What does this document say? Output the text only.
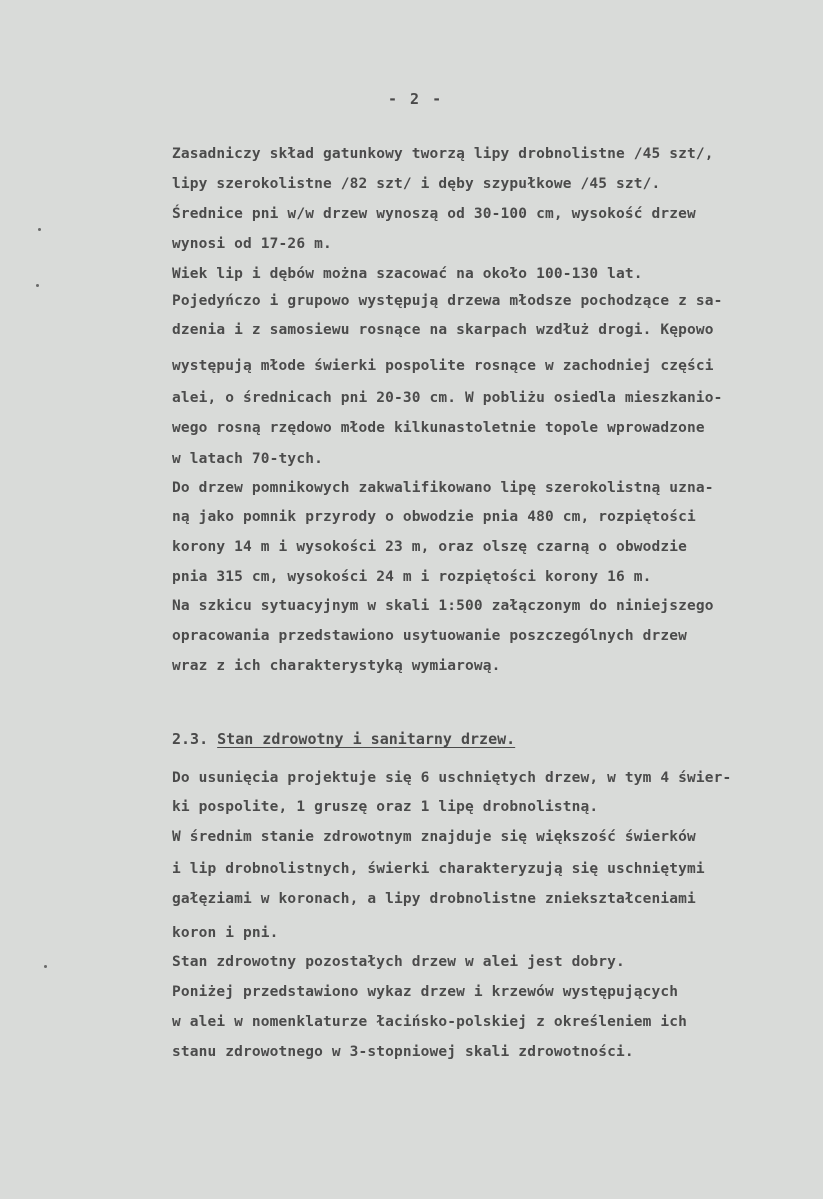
- 2 -
Zasadniczy skład gatunkowy tworzą lipy drobnolistne /45 szt/,
lipy szerokolistne /82 szt/ i dęby szypułkowe /45 szt/.
Średnice pni w/w drzew wynoszą od 30-100 cm, wysokość drzew
wynosi od 17-26 m.
Wiek lip i dębów można szacować na około 100-130 lat.
Pojedyńczo i grupowo występują drzewa młodsze pochodzące z sa-
dzenia i z samosiewu rosnące na skarpach wzdłuż drogi. Kępowo
występują młode świerki pospolite rosnące w zachodniej części
alei, o średnicach pni 20-30 cm. W pobliżu osiedla mieszkanio-
wego rosną rzędowo młode kilkunastoletnie topole wprowadzone
w latach 70-tych.
Do drzew pomnikowych zakwalifikowano lipę szerokolistną uzna-
ną jako pomnik przyrody o obwodzie pnia 480 cm, rozpiętości
korony 14 m i wysokości 23 m, oraz olszę czarną o obwodzie
pnia 315 cm, wysokości 24 m i rozpiętości korony 16 m.
Na szkicu sytuacyjnym w skali 1:500 załączonym do niniejszego
opracowania przedstawiono usytuowanie poszczególnych drzew
wraz z ich charakterystyką wymiarową.
2.3. Stan zdrowotny i sanitarny drzew.
Do usunięcia projektuje się 6 uschniętych drzew, w tym 4 świer-
ki pospolite, 1 gruszę oraz 1 lipę drobnolistną.
W średnim stanie zdrowotnym znajduje się większość świerków
i lip drobnolistnych, świerki charakteryzują się uschniętymi
gałęziami w koronach, a lipy drobnolistne zniekształceniami
koron i pni.
Stan zdrowotny pozostałych drzew w alei jest dobry.
Poniżej przedstawiono wykaz drzew i krzewów występujących
w alei w nomenklaturze łacińsko-polskiej z określeniem ich
stanu zdrowotnego w 3-stopniowej skali zdrowotności.
